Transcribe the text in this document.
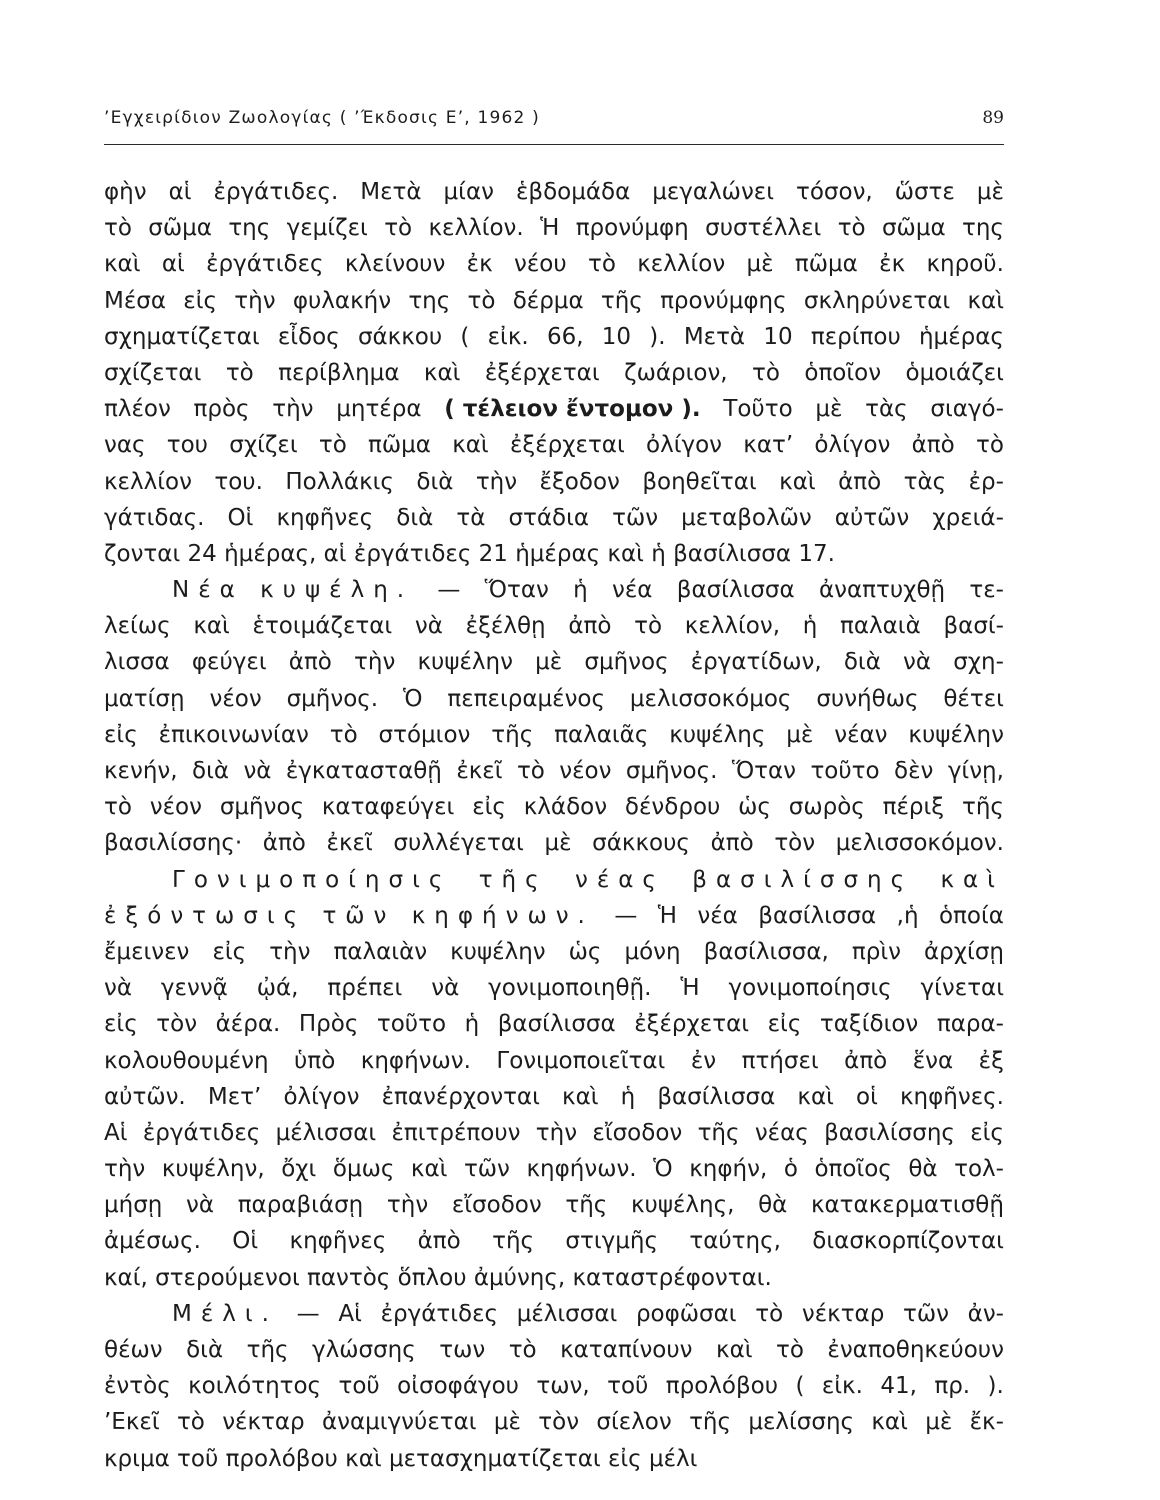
’Εγχειρίδιον Ζωολογίας ( ’Έκδοσις Ε’, 1962 )	89
φὴν αἱ ἐργάτιδες. Μετὰ μίαν ἑβδομάδα μεγαλώνει τόσον, ὥστε μὲ
τὸ σῶμα της γεμίζει τὸ κελλίον. Ἡ προνύμφη συστέλλει τὸ σῶμα της
καὶ αἱ ἐργάτιδες κλείνουν ἐκ νέου τὸ κελλίον μὲ πῶμα ἐκ κηροῦ.
Μέσα εἰς τὴν φυλακήν της τὸ δέρμα τῆς προνύμφης σκληρύνεται καὶ
σχηματίζεται εἶδος σάκκου ( εἰκ. 66, 10 ). Μετὰ 10 περίπου ἡμέρας
σχίζεται τὸ περίβλημα καὶ ἐξέρχεται ζωάριον, τὸ ὁποῖον ὁμοιάζει
πλέον πρὸς τὴν μητέρα ( τέλειον ἔντομον ). Τοῦτο μὲ τὰς σιαγό-
νας του σχίζει τὸ πῶμα καὶ ἐξέρχεται ὀλίγον κατ’ ὀλίγον ἀπὸ τὸ
κελλίον του. Πολλάκις διὰ τὴν ἔξοδον βοηθεῖται καὶ ἀπὸ τὰς ἐρ-
γάτιδας. Οἱ κηφῆνες διὰ τὰ στάδια τῶν μεταβολῶν αὐτῶν χρειά-
ζονται 24 ἡμέρας, αἱ ἐργάτιδες 21 ἡμέρας καὶ ἡ βασίλισσα 17.
Νέα κυψέλη. — Ὅταν ἡ νέα βασίλισσα ἀναπτυχθῇ τε-
λείως καὶ ἑτοιμάζεται νὰ ἐξέλθῃ ἀπὸ τὸ κελλίον, ἡ παλαιὰ βασί-
λισσα φεύγει ἀπὸ τὴν κυψέλην μὲ σμῆνος ἐργατίδων, διὰ νὰ σχη-
ματίσῃ νέον σμῆνος. Ὁ πεπειραμένος μελισσοκόμος συνήθως θέτει
εἰς ἐπικοινωνίαν τὸ στόμιον τῆς παλαιᾶς κυψέλης μὲ νέαν κυψέλην
κενήν, διὰ νὰ ἐγκατασταθῇ ἐκεῖ τὸ νέον σμῆνος. Ὅταν τοῦτο δὲν γίνῃ,
τὸ νέον σμῆνος καταφεύγει εἰς κλάδον δένδρου ὡς σωρὸς πέριξ τῆς
βασιλίσσης· ἀπὸ ἐκεῖ συλλέγεται μὲ σάκκους ἀπὸ τὸν μελισσοκόμον.
Γονιμοποίησις τῆς νέας βασιλίσσης καὶ
ἐξόντωσις τῶν κηφήνων. — Ἡ νέα βασίλισσα ,ἡ ὁποία
ἔμεινεν εἰς τὴν παλαιὰν κυψέλην ὡς μόνη βασίλισσα, πρὶν ἀρχίσῃ
νὰ γεννᾷ ᾠά, πρέπει νὰ γονιμοποιηθῇ. Ἡ γονιμοποίησις γίνεται
εἰς τὸν ἀέρα. Πρὸς τοῦτο ἡ βασίλισσα ἐξέρχεται εἰς ταξίδιον παρα-
κολουθουμένη ὑπὸ κηφήνων. Γονιμοποιεῖται ἐν πτήσει ἀπὸ ἕνα ἐξ
αὐτῶν. Μετ’ ὀλίγον ἐπανέρχονται καὶ ἡ βασίλισσα καὶ οἱ κηφῆνες.
Αἱ ἐργάτιδες μέλισσαι ἐπιτρέπουν τὴν εἴσοδον τῆς νέας βασιλίσσης εἰς
τὴν κυψέλην, ὄχι ὅμως καὶ τῶν κηφήνων. Ὁ κηφήν, ὁ ὁποῖος θὰ τολ-
μήσῃ νὰ παραβιάσῃ τὴν εἴσοδον τῆς κυψέλης, θὰ κατακερματισθῇ
ἀμέσως. Οἱ κηφῆνες ἀπὸ τῆς στιγμῆς ταύτης, διασκορπίζονται
καί, στερούμενοι παντὸς ὅπλου ἀμύνης, καταστρέφονται.
Μέλι. — Αἱ ἐργάτιδες μέλισσαι ροφῶσαι τὸ νέκταρ τῶν ἀν-
θέων διὰ τῆς γλώσσης των τὸ καταπίνουν καὶ τὸ ἐναποθηκεύουν
ἐντὸς κοιλότητος τοῦ οἰσοφάγου των, τοῦ προλόβου ( εἰκ. 41, πρ. ).
’Εκεῖ τὸ νέκταρ ἀναμιγνύεται μὲ τὸν σίελον τῆς μελίσσης καὶ μὲ ἔκ-
κριμα τοῦ προλόβου καὶ μετασχηματίζεται εἰς μέλι
